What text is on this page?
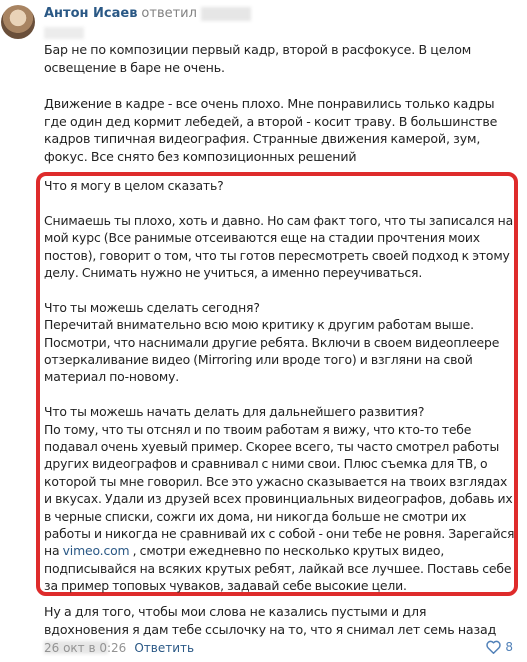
Антон Исаев ответил

Бар не по композиции первый кадр, второй в расфокусе. В целом освещение в баре не очень.

Движение в кадре - все очень плохо. Мне понравились только кадры где один дед кормит лебедей, а второй - косит траву. В большинстве кадров типичная видеография. Странные движения камерой, зум, фокус. Все снято без композиционных решений

Что я могу в целом сказать?

Снимаешь ты плохо, хоть и давно. Но сам факт того, что ты записался на мой курс (Все ранимые отсеиваются еще на стадии прочтения моих постов), говорит о том, что ты готов пересмотреть своей подход к этому делу. Снимать нужно не учиться, а именно переучиваться.

Что ты можешь сделать сегодня?

Перечитай внимательно всю мою критику к другим работам выше. Посмотри, что наснимали другие ребята. Включи в своем видеоплеере отзеркаливание видео (Mirroring или вроде того) и взгляни на свой материал по-новому.

Что ты можешь начать делать для дальнейшего развития?

По тому, что ты отснял и по твоим работам я вижу, что кто-то тебе подавал очень хуевый пример. Скорее всего, ты часто смотрел работы других видеографов и сравнивал с ними свои. Плюс съемка для ТВ, о которой ты мне говорил. Все это ужасно сказывается на твоих взглядах и вкусах. Удали из друзей всех провинциальных видеографов, добавь их в черные списки, сожги их дома, ни никогда больше не смотри их работы и никогда не сравнивай их с собой - они тебе не ровня. Зарегайся на vimeo.com , смотри ежедневно по несколько крутых видео, подписывайся на всяких крутых ребят, лайкай все лучшее. Поставь себе за пример топовых чуваков, задавай себе высокие цели.

Ну а для того, чтобы мои слова не казались пустыми и для вдохновения я дам тебе ссылочку на то, что я снимал лет семь назад

26 окт в 0:26 Ответить	8
